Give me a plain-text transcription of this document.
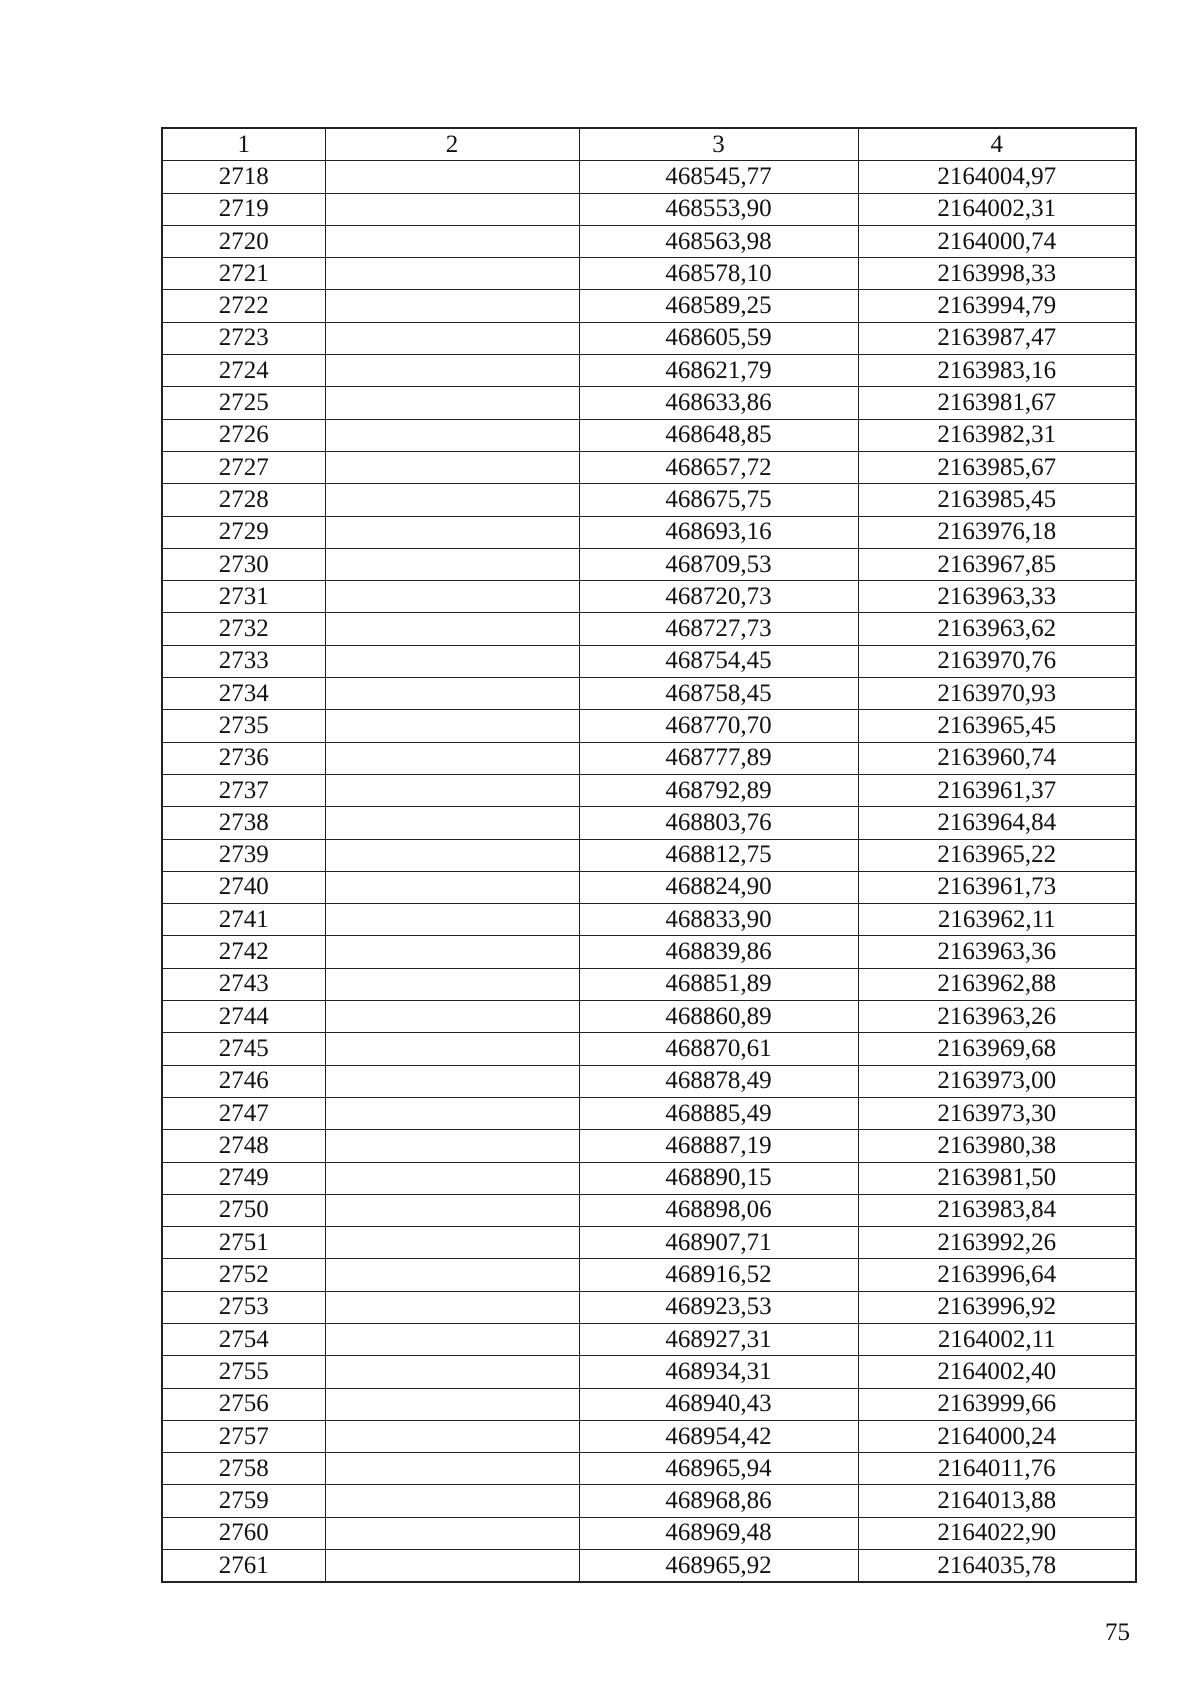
1	2	3	4
2718		468545,77	2164004,97
2719		468553,90	2164002,31
2720		468563,98	2164000,74
2721		468578,10	2163998,33
2722		468589,25	2163994,79
2723		468605,59	2163987,47
2724		468621,79	2163983,16
2725		468633,86	2163981,67
2726		468648,85	2163982,31
2727		468657,72	2163985,67
2728		468675,75	2163985,45
2729		468693,16	2163976,18
2730		468709,53	2163967,85
2731		468720,73	2163963,33
2732		468727,73	2163963,62
2733		468754,45	2163970,76
2734		468758,45	2163970,93
2735		468770,70	2163965,45
2736		468777,89	2163960,74
2737		468792,89	2163961,37
2738		468803,76	2163964,84
2739		468812,75	2163965,22
2740		468824,90	2163961,73
2741		468833,90	2163962,11
2742		468839,86	2163963,36
2743		468851,89	2163962,88
2744		468860,89	2163963,26
2745		468870,61	2163969,68
2746		468878,49	2163973,00
2747		468885,49	2163973,30
2748		468887,19	2163980,38
2749		468890,15	2163981,50
2750		468898,06	2163983,84
2751		468907,71	2163992,26
2752		468916,52	2163996,64
2753		468923,53	2163996,92
2754		468927,31	2164002,11
2755		468934,31	2164002,40
2756		468940,43	2163999,66
2757		468954,42	2164000,24
2758		468965,94	2164011,76
2759		468968,86	2164013,88
2760		468969,48	2164022,90
2761		468965,92	2164035,78
75
